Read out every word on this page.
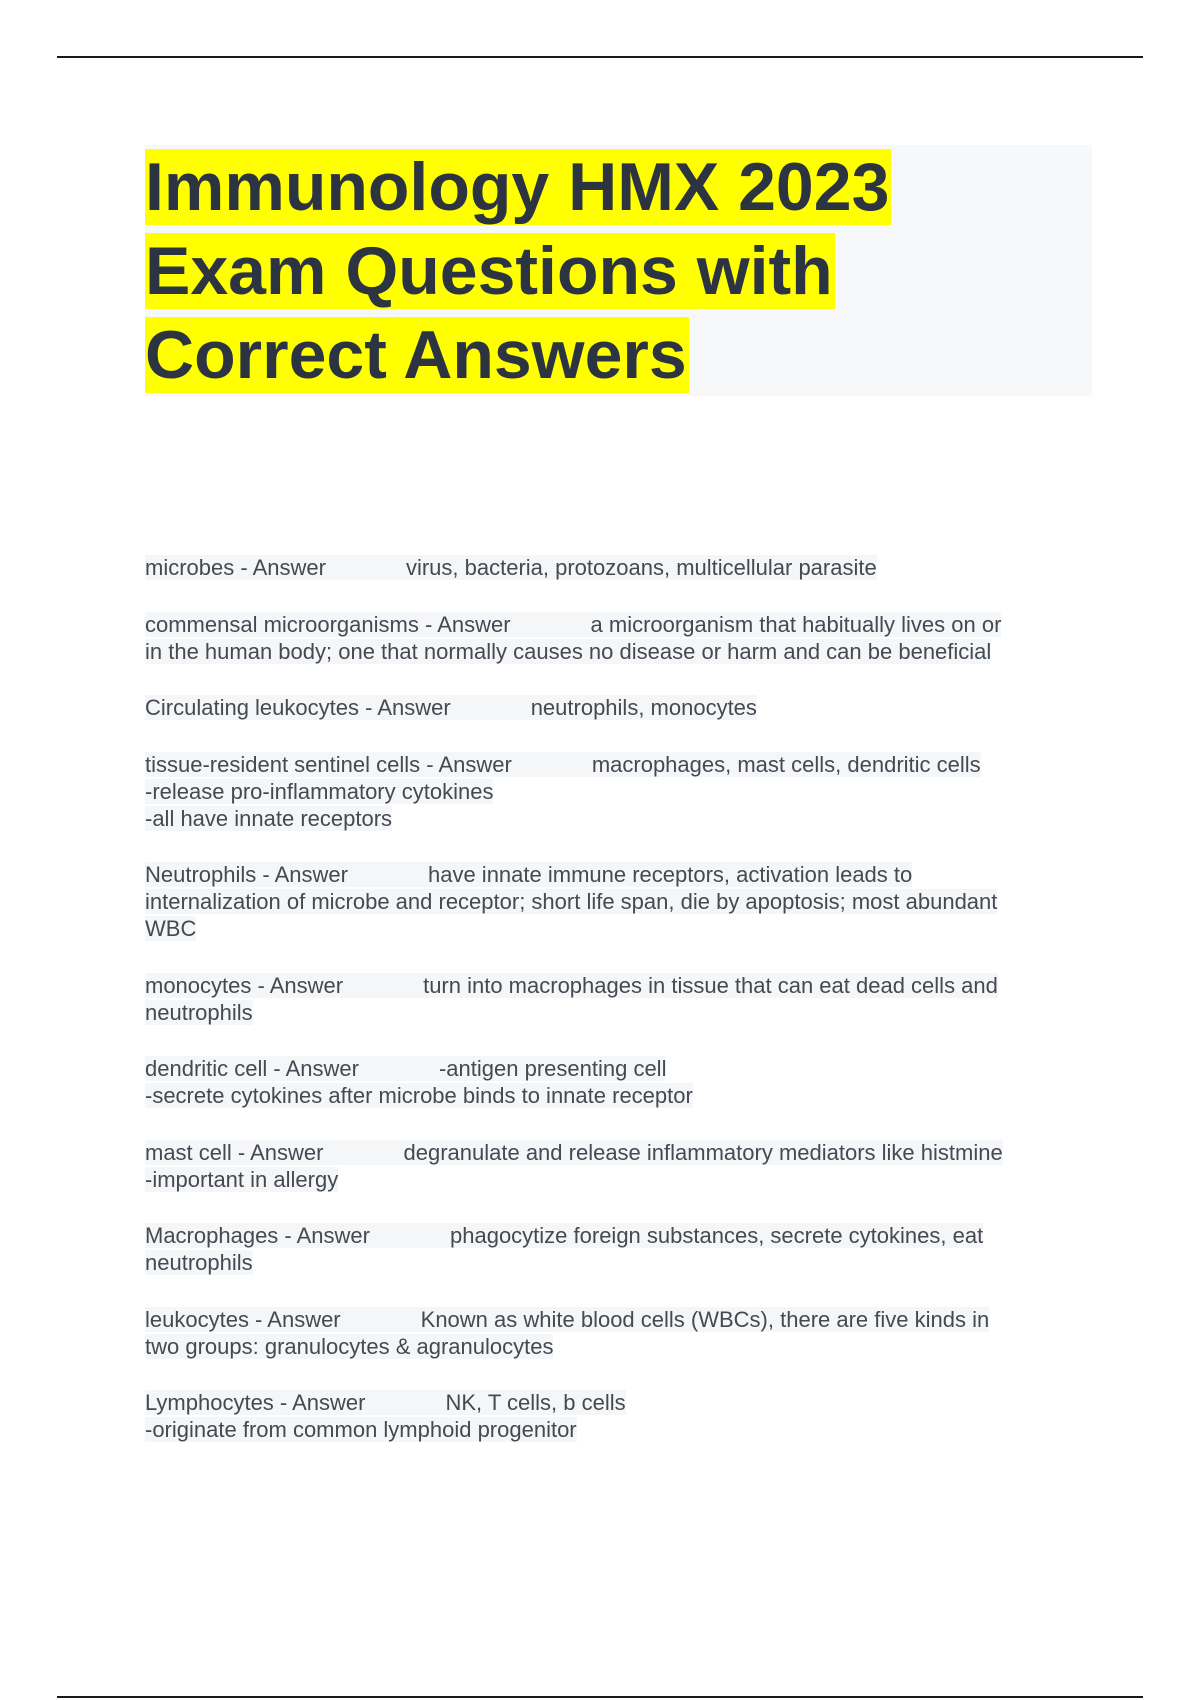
Immunology HMX 2023
Exam Questions with
Correct Answers
microbes - Answer	virus, bacteria, protozoans, multicellular parasite
commensal microorganisms - Answer	a microorganism that habitually lives on or
in the human body; one that normally causes no disease or harm and can be beneficial
Circulating leukocytes - Answer	neutrophils, monocytes
tissue-resident sentinel cells - Answer	macrophages, mast cells, dendritic cells
-release pro-inflammatory cytokines
-all have innate receptors
Neutrophils - Answer	have innate immune receptors, activation leads to
internalization of microbe and receptor; short life span, die by apoptosis; most abundant
WBC
monocytes - Answer	turn into macrophages in tissue that can eat dead cells and
neutrophils
dendritic cell - Answer	-antigen presenting cell
-secrete cytokines after microbe binds to innate receptor
mast cell - Answer	degranulate and release inflammatory mediators like histmine
-important in allergy
Macrophages - Answer	phagocytize foreign substances, secrete cytokines, eat
neutrophils
leukocytes - Answer	Known as white blood cells (WBCs), there are five kinds in
two groups: granulocytes & agranulocytes
Lymphocytes - Answer	NK, T cells, b cells
-originate from common lymphoid progenitor
